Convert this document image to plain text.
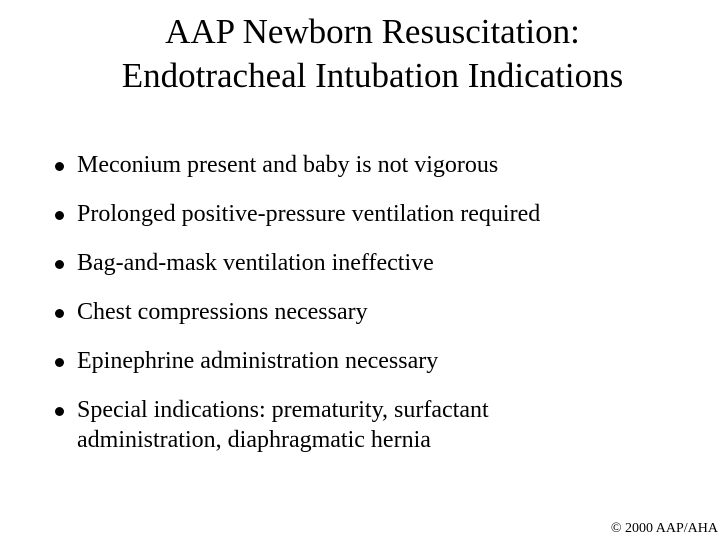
AAP Newborn Resuscitation:
Endotracheal Intubation Indications
Meconium present and baby is not vigorous
Prolonged positive-pressure ventilation required
Bag-and-mask ventilation ineffective
Chest compressions necessary
Epinephrine administration necessary
Special indications: prematurity, surfactant administration, diaphragmatic hernia
© 2000 AAP/AHA
